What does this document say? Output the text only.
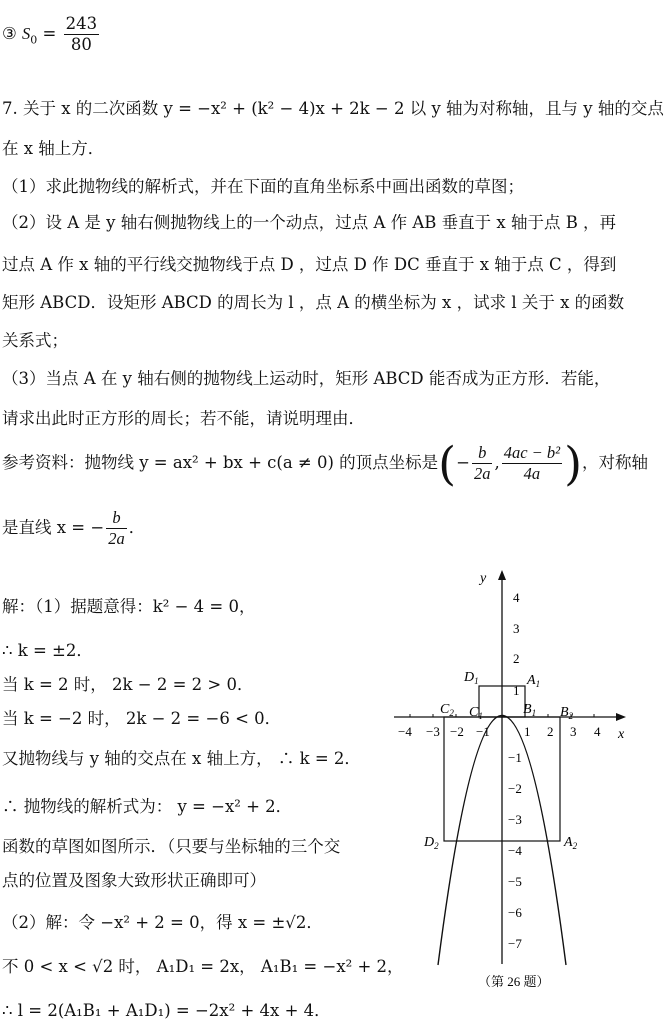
③ $S_0 = \frac{243}{80}$
7. 关于 x 的二次函数 y = −x² + (k² − 4)x + 2k − 2 以 y 轴为对称轴，且与 y 轴的交点
在 x 轴上方．
（1）求此抛物线的解析式，并在下面的直角坐标系中画出函数的草图；
（2）设 A 是 y 轴右侧抛物线上的一个动点，过点 A 作 AB 垂直于 x 轴于点 B ，再
过点 A 作 x 轴的平行线交抛物线于点 D ，过点 D 作 DC 垂直于 x 轴于点 C ，得到
矩形 ABCD．设矩形 ABCD 的周长为 l ，点 A 的横坐标为 x ，试求 l 关于 x 的函数
关系式；
（3）当点 A 在 y 轴右侧的抛物线上运动时，矩形 ABCD 能否成为正方形．若能，
请求出此时正方形的周长；若不能，请说明理由．
参考资料：抛物线 y = ax² + bx + c(a ≠ 0) 的顶点坐标是(− $\frac{b}{2a}$ , $\frac{\text{4ac − b²}}{4a}$ )，对称轴
是直线 x = − $\frac{b}{2a}$ ．
解：（1）据题意得：k² − 4 = 0，
∴ k = ±2．
当 k = 2 时， 2k − 2 = 2 > 0．
当 k = −2 时， 2k − 2 = −6 < 0．
又抛物线与 y 轴的交点在 x 轴上方， ∴ k = 2．
∴ 抛物线的解析式为： y = −x² + 2．
函数的草图如图所示．（只要与坐标轴的三个交
点的位置及图象大致形状正确即可）
（2）解：令 −x² + 2 = 0，得 x = ±√2．
不 0 < x < √2 时， A₁D₁ = 2x， A₁B₁ = −x² + 2，
∴ l = 2(A₁B₁ + A₁D₁) = −2x² + 4x + 4．
y
x
−4 −3 −2 −1	1 2 3 4
4
3
2
1
−1
−2
−3
−4
−5
−6
−7
$D_1$	$A_1$
$C_2$ $C_1$	$B_1$ $B_2$
$D_2$	$A_2$
（第 26 题）
